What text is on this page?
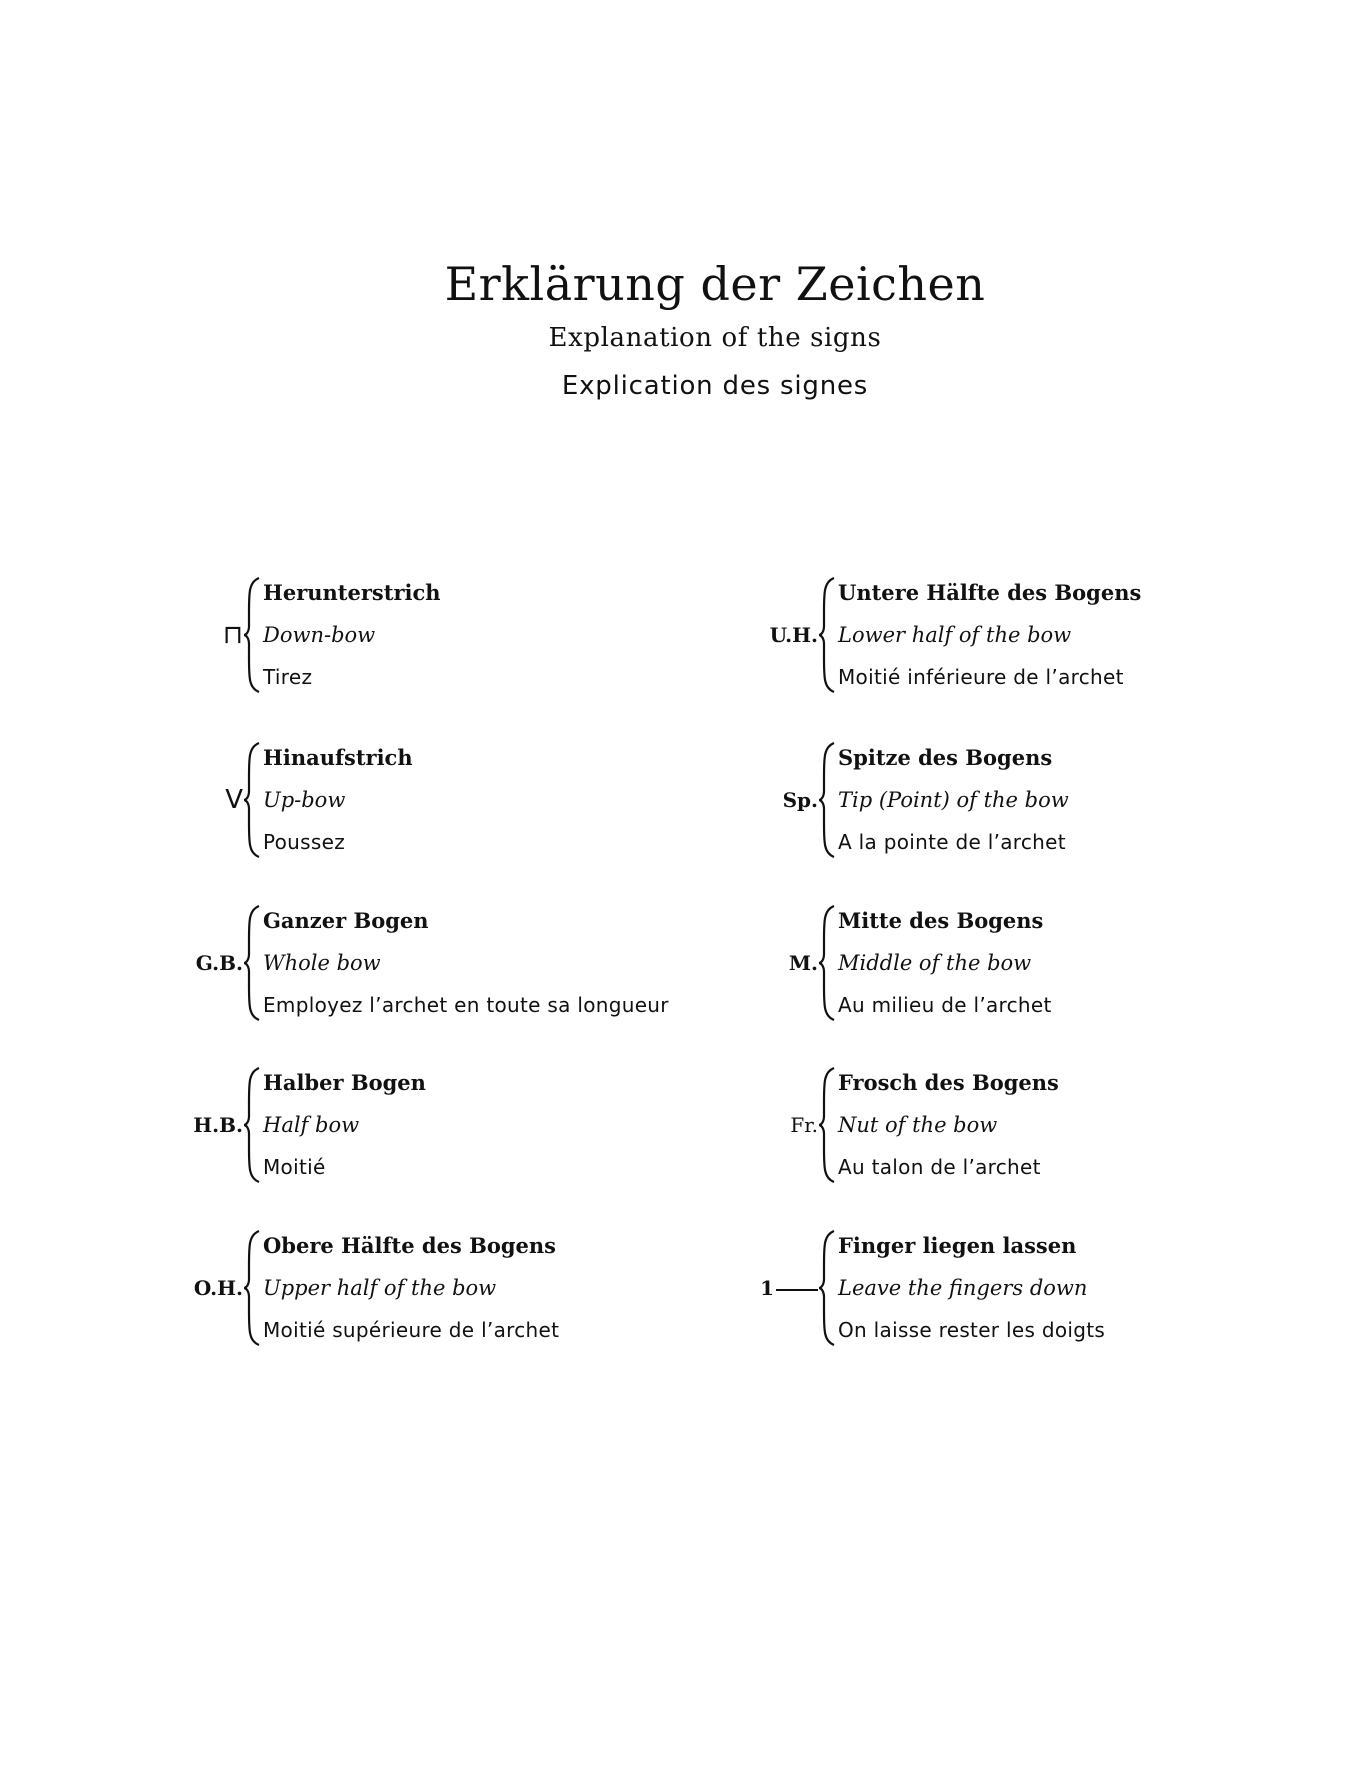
Erklärung der Zeichen
Explanation of the signs
Explication des signes
⊓
Herunterstrich
Down-bow
Tirez
V
Hinaufstrich
Up-bow
Poussez
G.B.
Ganzer Bogen
Whole bow
Employez l’archet en toute sa longueur
H.B.
Halber Bogen
Half bow
Moitié
O.H.
Obere Hälfte des Bogens
Upper half of the bow
Moitié supérieure de l’archet
U.H.
Untere Hälfte des Bogens
Lower half of the bow
Moitié inférieure de l’archet
Sp.
Spitze des Bogens
Tip (Point) of the bow
A la pointe de l’archet
M.
Mitte des Bogens
Middle of the bow
Au milieu de l’archet
Fr.
Frosch des Bogens
Nut of the bow
Au talon de l’archet
1
Finger liegen lassen
Leave the fingers down
On laisse rester les doigts
